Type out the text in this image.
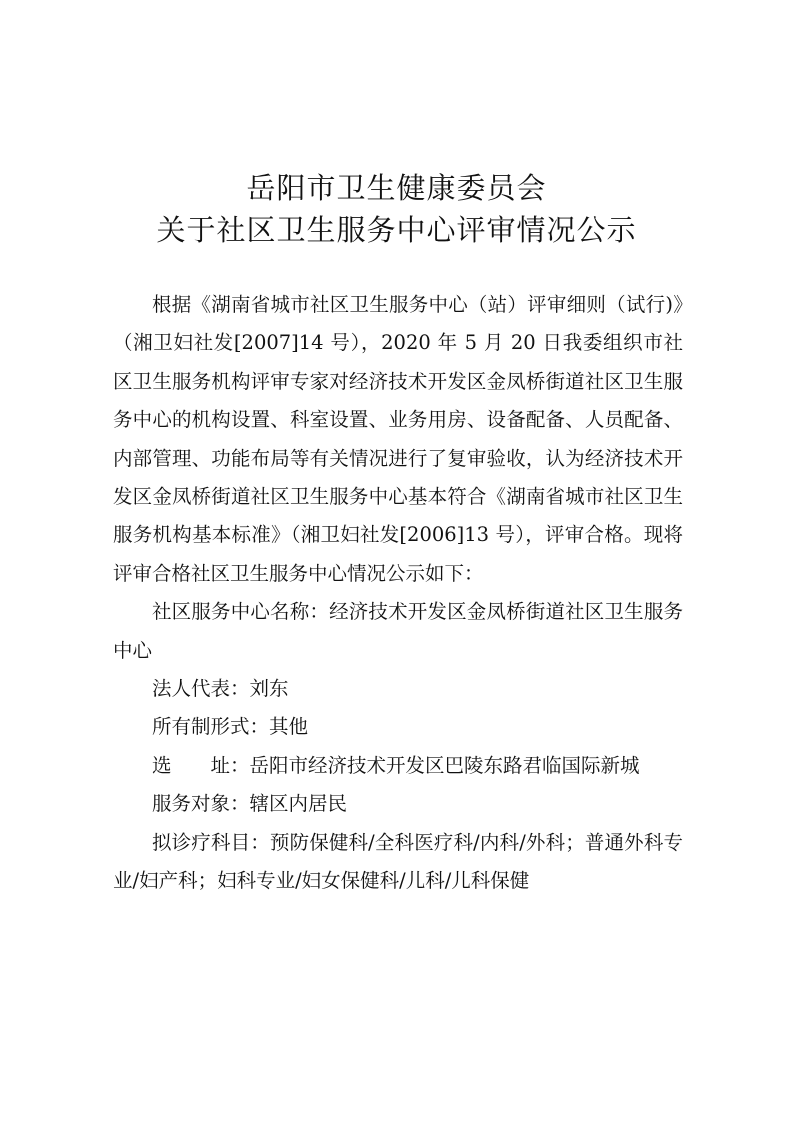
岳阳市卫生健康委员会
关于社区卫生服务中心评审情况公示

根据《湖南省城市社区卫生服务中心（站）评审细则（试行)》（湘卫妇社发[2007]14 号），2020 年 5 月 20 日我委组织市社区卫生服务机构评审专家对经济技术开发区金凤桥街道社区卫生服务中心的机构设置、科室设置、业务用房、设备配备、人员配备、内部管理、功能布局等有关情况进行了复审验收，认为经济技术开发区金凤桥街道社区卫生服务中心基本符合《湖南省城市社区卫生服务机构基本标准》（湘卫妇社发[2006]13 号），评审合格。现将评审合格社区卫生服务中心情况公示如下：

社区服务中心名称：经济技术开发区金凤桥街道社区卫生服务中心

法人代表：刘东

所有制形式：其他

选　　址：岳阳市经济技术开发区巴陵东路君临国际新城

服务对象：辖区内居民

拟诊疗科目：预防保健科/全科医疗科/内科/外科；普通外科专业/妇产科；妇科专业/妇女保健科/儿科/儿科保健
